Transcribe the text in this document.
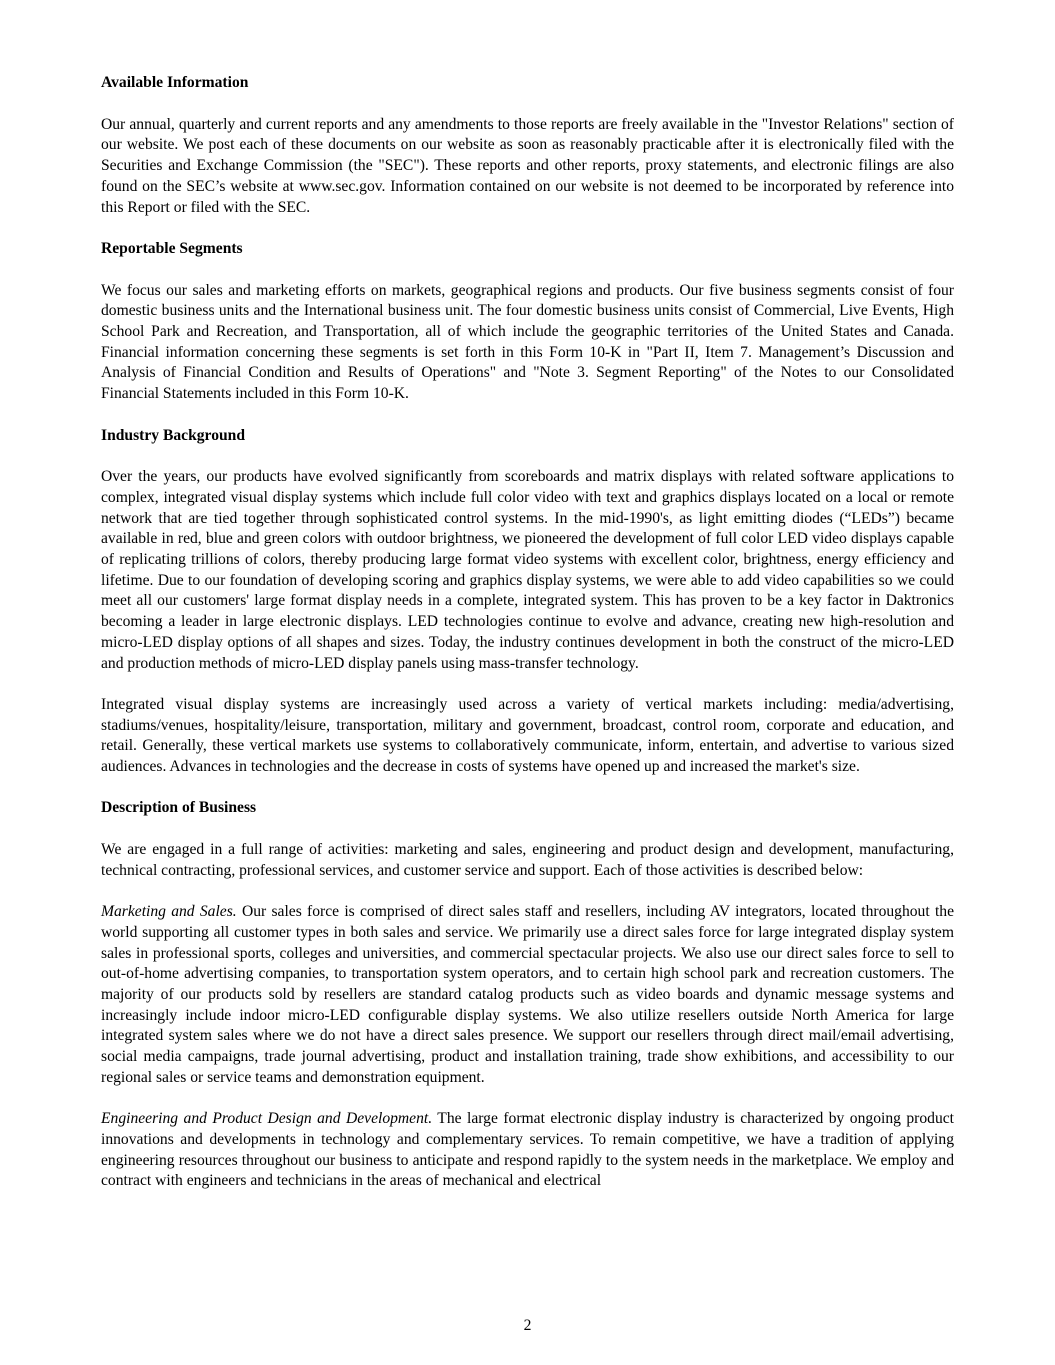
Available Information

Our annual, quarterly and current reports and any amendments to those reports are freely available in the "Investor Relations" section of our website. We post each of these documents on our website as soon as reasonably practicable after it is electronically filed with the Securities and Exchange Commission (the "SEC"). These reports and other reports, proxy statements, and electronic filings are also found on the SEC’s website at www.sec.gov. Information contained on our website is not deemed to be incorporated by reference into this Report or filed with the SEC.

Reportable Segments

We focus our sales and marketing efforts on markets, geographical regions and products. Our five business segments consist of four domestic business units and the International business unit. The four domestic business units consist of Commercial, Live Events, High School Park and Recreation, and Transportation, all of which include the geographic territories of the United States and Canada. Financial information concerning these segments is set forth in this Form 10-K in "Part II, Item 7. Management’s Discussion and Analysis of Financial Condition and Results of Operations" and "Note 3. Segment Reporting" of the Notes to our Consolidated Financial Statements included in this Form 10-K.

Industry Background

Over the years, our products have evolved significantly from scoreboards and matrix displays with related software applications to complex, integrated visual display systems which include full color video with text and graphics displays located on a local or remote network that are tied together through sophisticated control systems. In the mid-1990's, as light emitting diodes (“LEDs”) became available in red, blue and green colors with outdoor brightness, we pioneered the development of full color LED video displays capable of replicating trillions of colors, thereby producing large format video systems with excellent color, brightness, energy efficiency and lifetime. Due to our foundation of developing scoring and graphics display systems, we were able to add video capabilities so we could meet all our customers' large format display needs in a complete, integrated system. This has proven to be a key factor in Daktronics becoming a leader in large electronic displays. LED technologies continue to evolve and advance, creating new high-resolution and micro-LED display options of all shapes and sizes. Today, the industry continues development in both the construct of the micro-LED and production methods of micro-LED display panels using mass-transfer technology.

Integrated visual display systems are increasingly used across a variety of vertical markets including: media/advertising, stadiums/venues, hospitality/leisure, transportation, military and government, broadcast, control room, corporate and education, and retail. Generally, these vertical markets use systems to collaboratively communicate, inform, entertain, and advertise to various sized audiences. Advances in technologies and the decrease in costs of systems have opened up and increased the market's size.

Description of Business

We are engaged in a full range of activities: marketing and sales, engineering and product design and development, manufacturing, technical contracting, professional services, and customer service and support. Each of those activities is described below:

Marketing and Sales. Our sales force is comprised of direct sales staff and resellers, including AV integrators, located throughout the world supporting all customer types in both sales and service. We primarily use a direct sales force for large integrated display system sales in professional sports, colleges and universities, and commercial spectacular projects. We also use our direct sales force to sell to out-of-home advertising companies, to transportation system operators, and to certain high school park and recreation customers. The majority of our products sold by resellers are standard catalog products such as video boards and dynamic message systems and increasingly include indoor micro-LED configurable display systems. We also utilize resellers outside North America for large integrated system sales where we do not have a direct sales presence. We support our resellers through direct mail/email advertising, social media campaigns, trade journal advertising, product and installation training, trade show exhibitions, and accessibility to our regional sales or service teams and demonstration equipment.

Engineering and Product Design and Development. The large format electronic display industry is characterized by ongoing product innovations and developments in technology and complementary services. To remain competitive, we have a tradition of applying engineering resources throughout our business to anticipate and respond rapidly to the system needs in the marketplace. We employ and contract with engineers and technicians in the areas of mechanical and electrical

2
